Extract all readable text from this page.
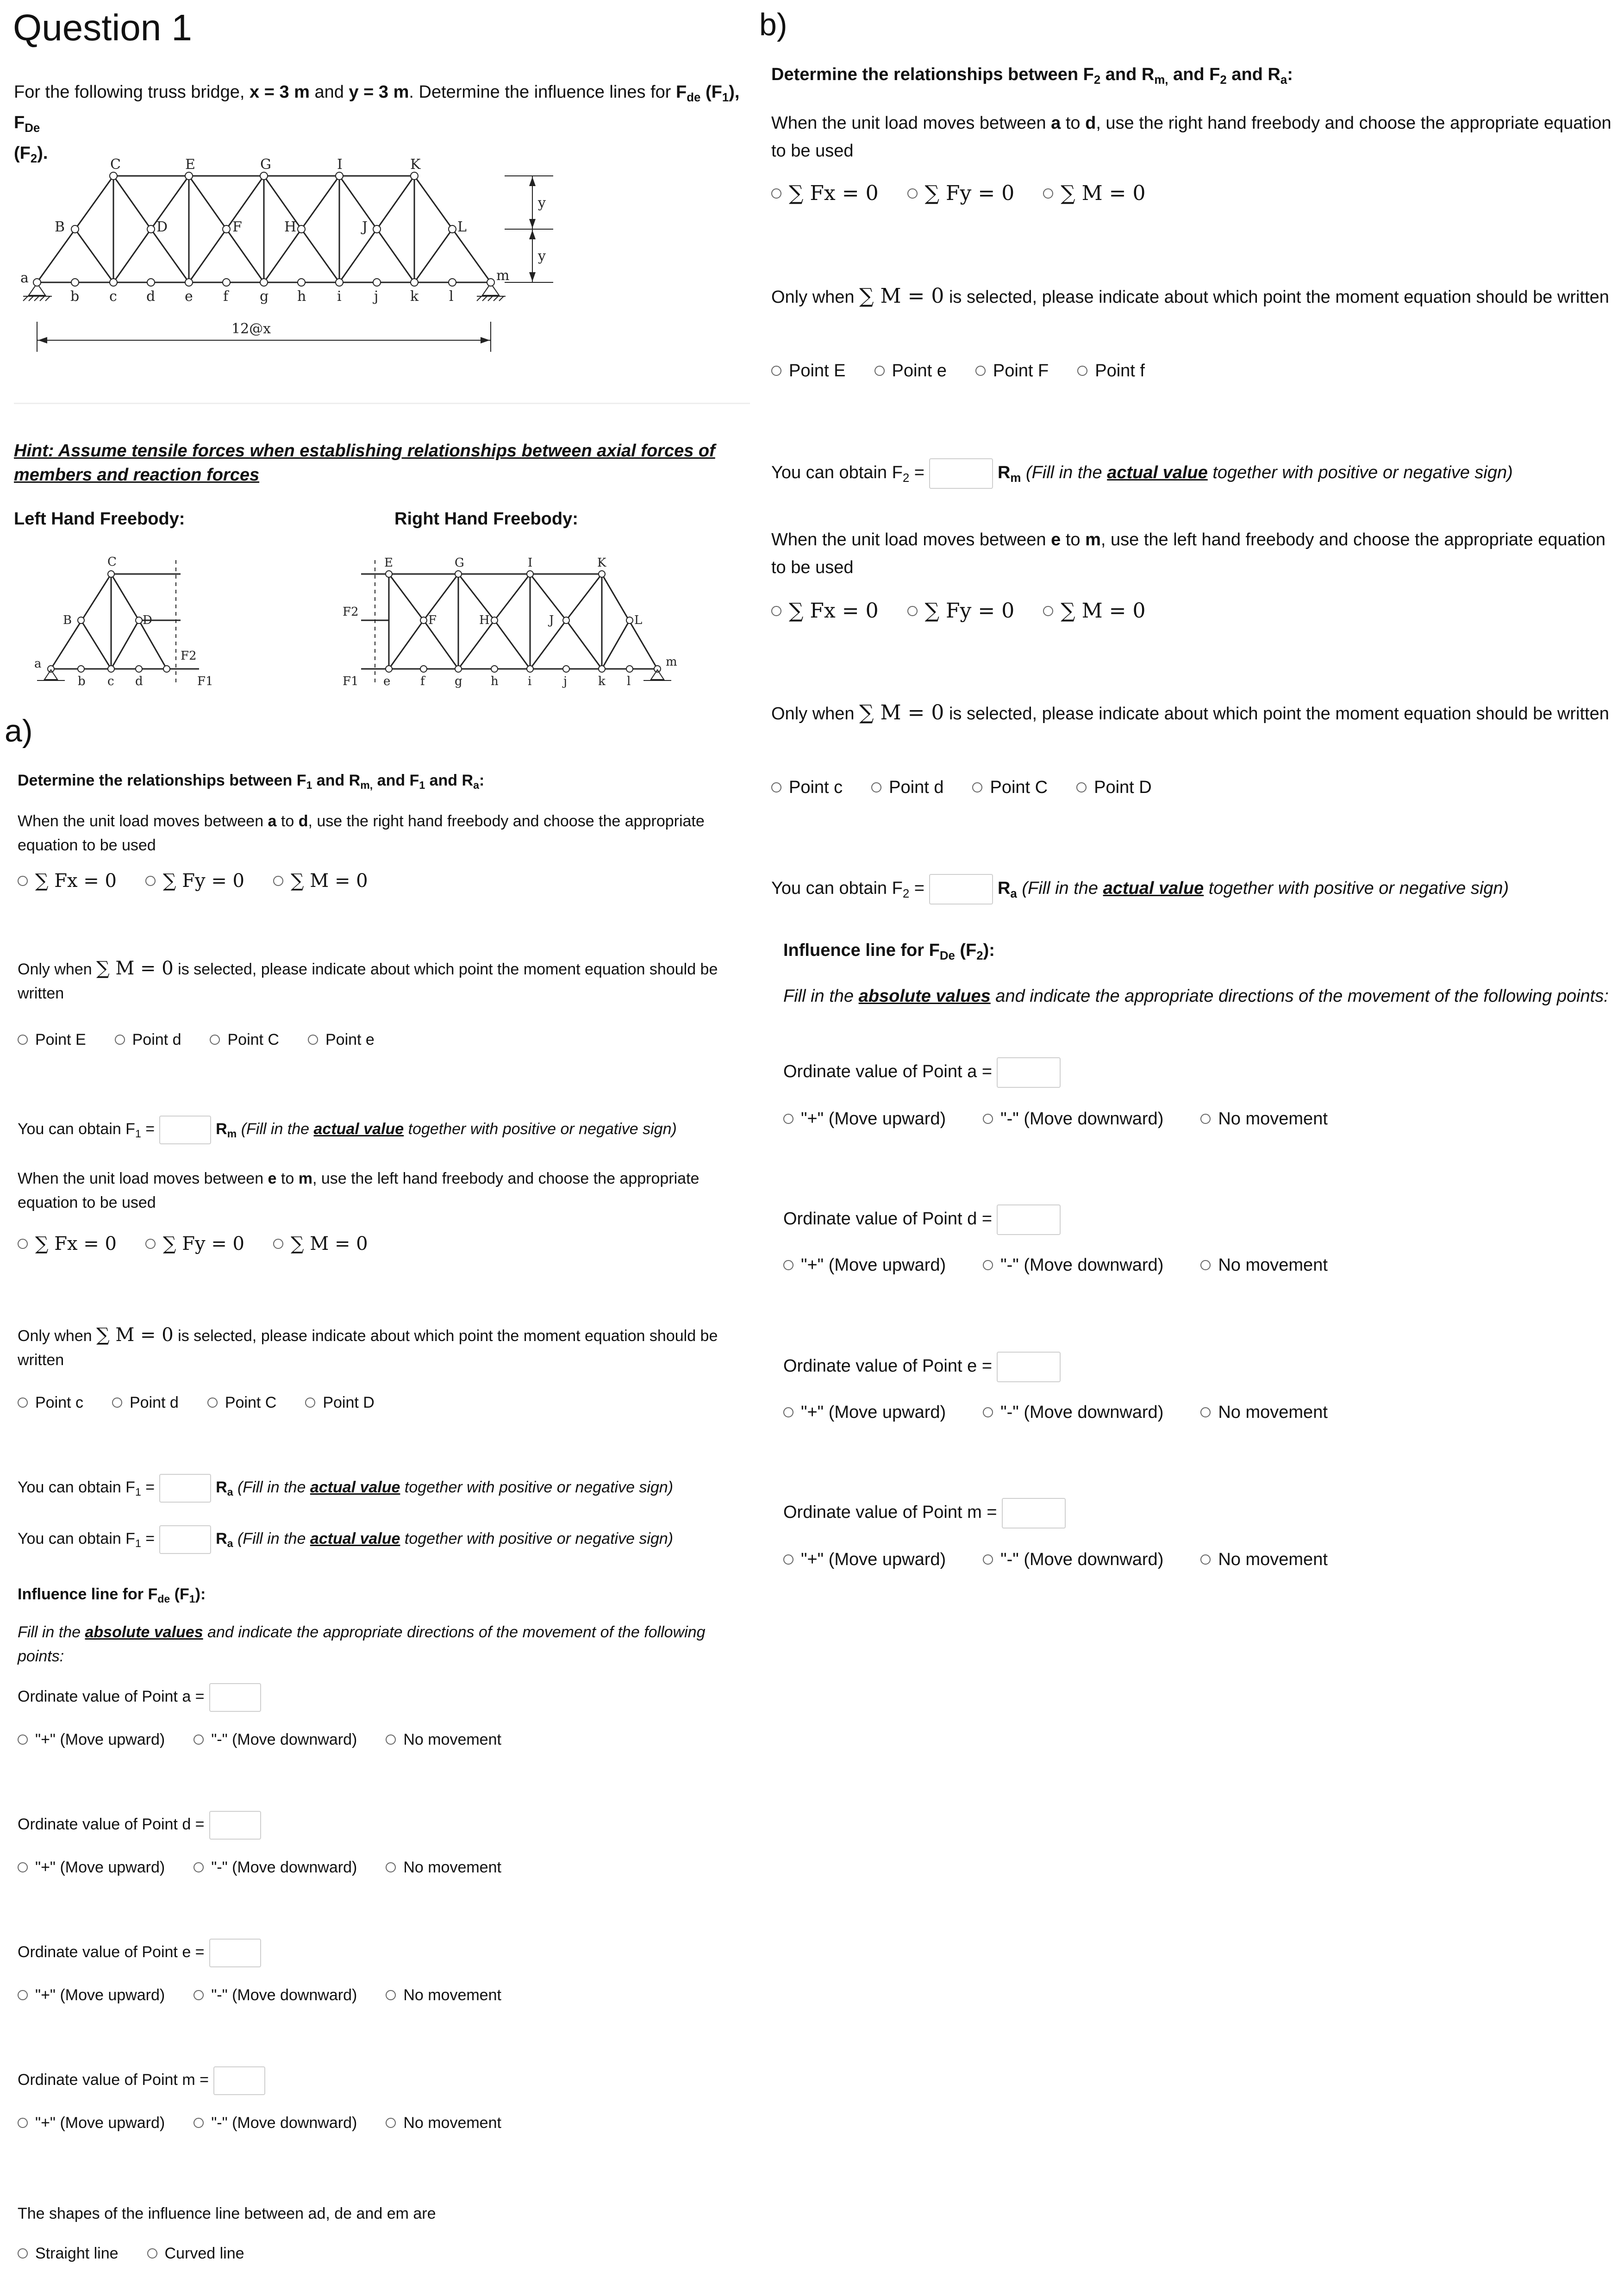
Question 1	b)
a)
For the following truss bridge, x = 3 m and y = 3 m. Determine the influence lines for $F_{de}$ $(F_1)$, $F_{De}$
$(F_2)$.
C	E	G	I	K
B	D	F	H	J	L
a
b c d e f g h i j k l
m
y
y
12@x
Hint: Assume tensile forces when establishing relationships between axial forces of members and reaction forces
Left Hand Freebody:	Right Hand Freebody:
C
B	D
a
b c d
F2
F1
E	G	I	K
F	H	J	L
e f g h i	j	k l
m
F2
F1
Determine the relationships between $F_1$ and $R_{m,}$ and $F_1$ and $R_a$:
When the unit load moves between a to d, use the right hand freebody and choose the appropriate equation to be used
∑ Fx = 0	∑ Fy = 0	∑ M = 0
Only when ∑ M = 0 is selected, please indicate about which point the moment equation should be written
Point E	Point d	Point C	Point e
You can obtain $F_1$ =	$R_m$ (Fill in the actual value together with positive or negative sign)
When the unit load moves between e to m, use the left hand freebody and choose the appropriate equation to be used
∑ Fx = 0	∑ Fy = 0	∑ M = 0
Only when ∑ M = 0 is selected, please indicate about which point the moment equation should be written
Point c	Point d	Point C	Point D
You can obtain $F_1$ =	$R_a$ (Fill in the actual value together with positive or negative sign)
You can obtain $F_1$ =	$R_a$ (Fill in the actual value together with positive or negative sign)
Influence line for $F_{de}$ $(F_1)$:
Fill in the absolute values and indicate the appropriate directions of the movement of the following points:
Ordinate value of Point a =
"+" (Move upward)	"-" (Move downward)	No movement
Ordinate value of Point d =
"+" (Move upward)	"-" (Move downward)	No movement
Ordinate value of Point e =
"+" (Move upward)	"-" (Move downward)	No movement
Ordinate value of Point m =
"+" (Move upward)	"-" (Move downward)	No movement
The shapes of the influence line between ad, de and em are
Straight line	Curved line
Determine the relationships between $F_2$ and $R_{m,}$ and $F_2$ and $R_a$:
When the unit load moves between a to d, use the right hand freebody and choose the appropriate equation to be used
∑ Fx = 0 ∑ Fy = 0 ∑ M = 0
Only when ∑ M = 0 is selected, please indicate about which point the moment equation should be written
Point E	Point e	Point F	Point f
You can obtain $F_2$ =	$R_m$ (Fill in the actual value together with positive or negative sign)
When the unit load moves between e to m, use the left hand freebody and choose the appropriate equation to be used
∑ Fx = 0 ∑ Fy = 0 ∑ M = 0
Only when ∑ M = 0 is selected, please indicate about which point the moment equation should be written
Point c	Point d	Point C	Point D
You can obtain $F_2$ =	$R_a$ (Fill in the actual value together with positive or negative sign)
Influence line for $F_{De}$ $(F_2)$:
Fill in the absolute values and indicate the appropriate directions of the movement of the following points:
Ordinate value of Point a =
"+" (Move upward)	"-" (Move downward)	No movement
Ordinate value of Point d =
"+" (Move upward)	"-" (Move downward)	No movement
Ordinate value of Point e =
"+" (Move upward)	"-" (Move downward)	No movement
Ordinate value of Point m =
"+" (Move upward)	"-" (Move downward)	No movement
